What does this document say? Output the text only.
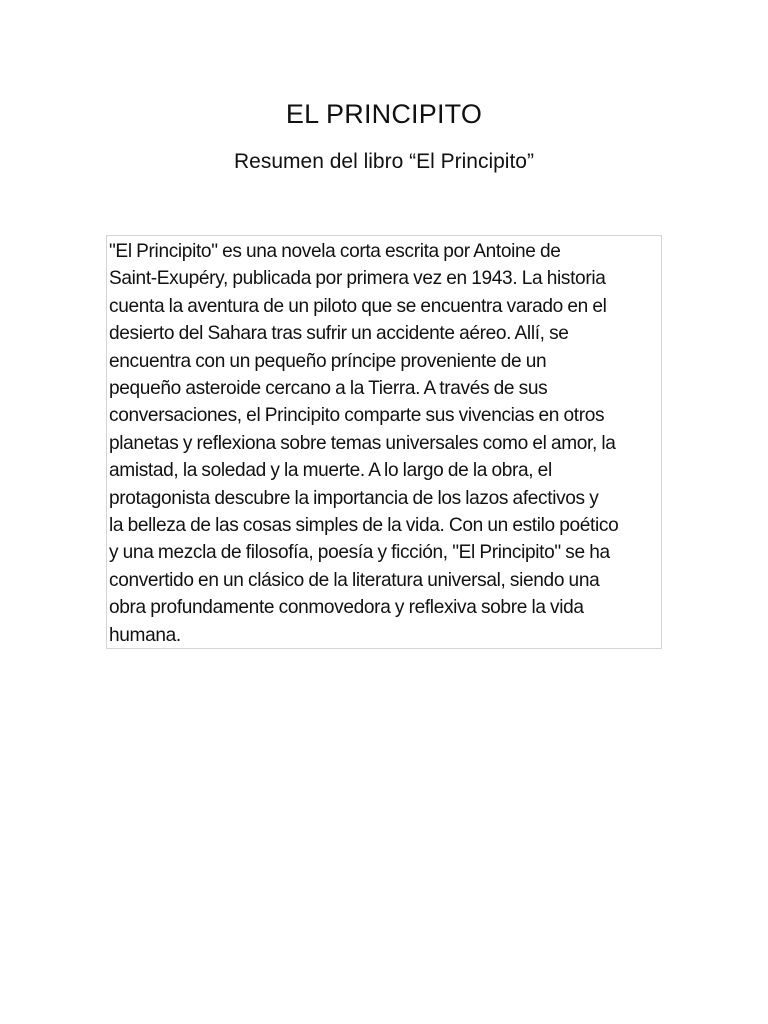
EL PRINCIPITO
Resumen del libro “El Principito”

"El Principito" es una novela corta escrita por Antoine de
Saint-Exupéry, publicada por primera vez en 1943. La historia
cuenta la aventura de un piloto que se encuentra varado en el
desierto del Sahara tras sufrir un accidente aéreo. Allí, se
encuentra con un pequeño príncipe proveniente de un
pequeño asteroide cercano a la Tierra. A través de sus
conversaciones, el Principito comparte sus vivencias en otros
planetas y reflexiona sobre temas universales como el amor, la
amistad, la soledad y la muerte. A lo largo de la obra, el
protagonista descubre la importancia de los lazos afectivos y
la belleza de las cosas simples de la vida. Con un estilo poético
y una mezcla de filosofía, poesía y ficción, "El Principito" se ha
convertido en un clásico de la literatura universal, siendo una
obra profundamente conmovedora y reflexiva sobre la vida
humana.
